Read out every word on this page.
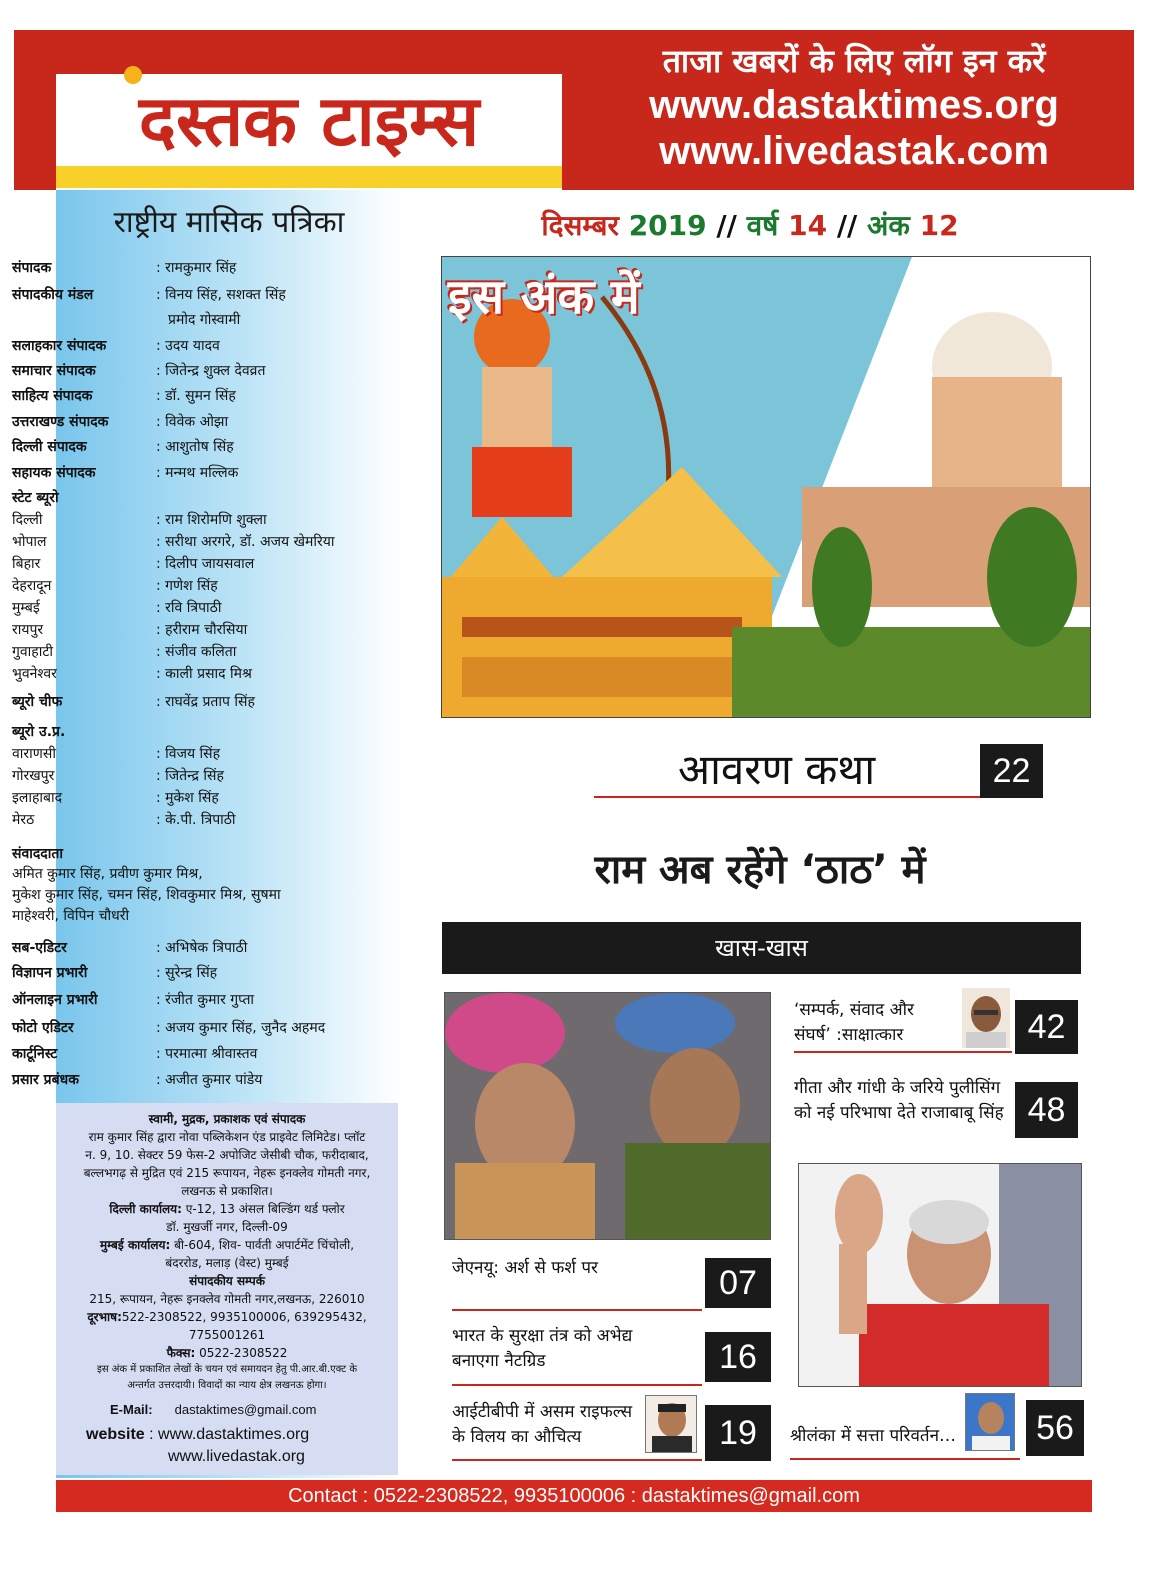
दस्तक टाइम्स
ताजा खबरों के लिए लॉग इन करें
www.dastaktimes.org
www.livedastak.com
राष्ट्रीय मासिक पत्रिका
संपादक	: रामकुमार सिंह
संपादकीय मंडल	: विनय सिंह, सशक्त सिंह
प्रमोद गोस्वामी
सलाहकार संपादक	: उदय यादव
समाचार संपादक	: जितेन्द्र शुक्ल देवव्रत
साहित्य संपादक	: डॉ. सुमन सिंह
उत्तराखण्ड संपादक	: विवेक ओझा
दिल्ली संपादक	: आशुतोष सिंह
सहायक संपादक	: मन्मथ मल्लिक
स्टेट ब्यूरो
दिल्ली	: राम शिरोमणि शुक्ला
भोपाल	: सरीथा अरगरे, डॉ. अजय खेमरिया
बिहार	: दिलीप जायसवाल
देहरादून	: गणेश सिंह
मुम्बई	: रवि त्रिपाठी
रायपुर	: हरीराम चौरसिया
गुवाहाटी	: संजीव कलिता
भुवनेश्वर	: काली प्रसाद मिश्र
ब्यूरो चीफ	: राघवेंद्र प्रताप सिंह
ब्यूरो उ.प्र.
वाराणसी	: विजय सिंह
गोरखपुर	: जितेन्द्र सिंह
इलाहाबाद	: मुकेश सिंह
मेरठ	: के.पी. त्रिपाठी
संवाददाता
अमित कुमार सिंह, प्रवीण कुमार मिश्र,
मुकेश कुमार सिंह, चमन सिंह, शिवकुमार मिश्र, सुषमा
माहेश्वरी, विपिन चौधरी
सब-एडिटर	: अभिषेक त्रिपाठी
विज्ञापन प्रभारी	: सुरेन्द्र सिंह
ऑनलाइन प्रभारी	: रंजीत कुमार गुप्ता
फोटो एडिटर	: अजय कुमार सिंह, जुनैद अहमद
कार्टूनिस्ट	: परमात्मा श्रीवास्तव
प्रसार प्रबंधक	: अजीत कुमार पांडेय
स्वामी, मुद्रक, प्रकाशक एवं संपादक
राम कुमार सिंह द्वारा नोवा पब्लिकेशन एंड प्राइवेट लिमिटेड। प्लॉट
न. 9, 10. सेक्टर 59 फेस-2 अपोजिट जेसीबी चौक, फरीदाबाद,
बल्लभगढ़ से मुद्रित एवं 215 रूपायन, नेहरू इनक्लेव गोमती नगर,
लखनऊ से प्रकाशित।
दिल्ली कार्यालय: ए-12, 13 अंसल बिल्डिंग थर्ड फ्लोर
डॉ. मुखर्जी नगर, दिल्ली-09
मुम्बई कार्यालय: बी-604, शिव- पार्वती अपार्टमेंट चिंचोली,
बंदररोड, मलाड़ (वेस्ट) मुम्बई
संपादकीय सम्पर्क
215, रूपायन, नेहरू इनक्लेव गोमती नगर,लखनऊ, 226010
दूरभाष:522-2308522, 9935100006, 639295432,
7755001261
फैक्स: 0522-2308522
इस अंक में प्रकाशित लेखों के चयन एवं समायदन हेतु पी.आर.बी.एक्ट के
अन्तर्गत उत्तरदायी। विवादों का न्याय क्षेत्र लखनऊ होगा।
E-Mail: dastaktimes@gmail.com
website : www.dastaktimes.org
www.livedastak.org
दिसम्बर 2019 // वर्ष 14 // अंक 12
इस अंक में
आवरण कथा	22
राम अब रहेंगे ‘ठाठ’ में
खास-खास
जेएनयू: अर्श से फर्श पर	07
भारत के सुरक्षा तंत्र को अभेद्य
बनाएगा नैटग्रिड	16
आईटीबीपी में असम राइफल्स
के विलय का औचित्य	19
‘सम्पर्क, संवाद और
संघर्ष’ :साक्षात्कार	42
गीता और गांधी के जरिये पुलीसिंग
को नई परिभाषा देते राजाबाबू सिंह 48
श्रीलंका में सत्ता परिवर्तन… 56
Contact : 0522-2308522, 9935100006 : dastaktimes@gmail.com
